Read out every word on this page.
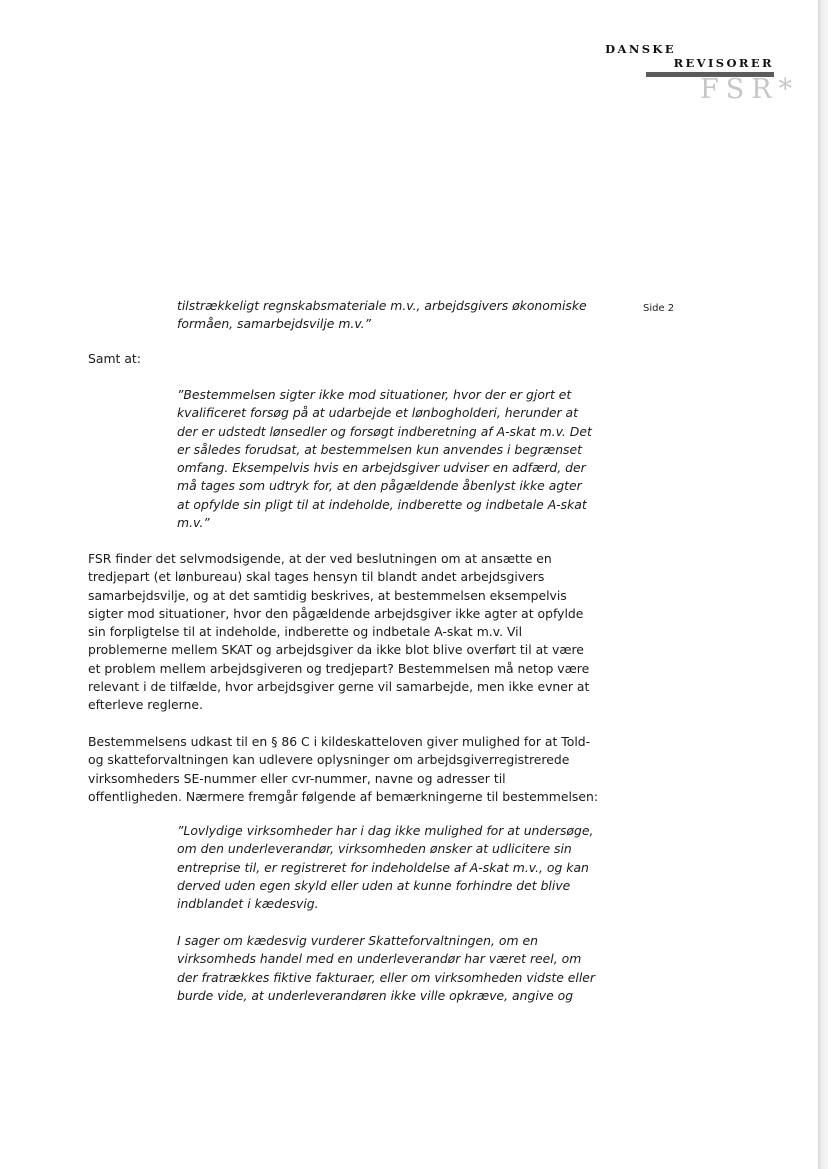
DANSKE
REVISORER
FSR*
Side 2

tilstrækkeligt regnskabsmateriale m.v., arbejdsgivers økonomiske
formåen, samarbejdsvilje m.v.”

Samt at:

”Bestemmelsen sigter ikke mod situationer, hvor der er gjort et
kvalificeret forsøg på at udarbejde et lønbogholderi, herunder at
der er udstedt lønsedler og forsøgt indberetning af A-skat m.v. Det
er således forudsat, at bestemmelsen kun anvendes i begrænset
omfang. Eksempelvis hvis en arbejdsgiver udviser en adfærd, der
må tages som udtryk for, at den pågældende åbenlyst ikke agter
at opfylde sin pligt til at indeholde, indberette og indbetale A-skat
m.v.”

FSR finder det selvmodsigende, at der ved beslutningen om at ansætte en
tredjepart (et lønbureau) skal tages hensyn til blandt andet arbejdsgivers
samarbejdsvilje, og at det samtidig beskrives, at bestemmelsen eksempelvis
sigter mod situationer, hvor den pågældende arbejdsgiver ikke agter at opfylde
sin forpligtelse til at indeholde, indberette og indbetale A-skat m.v. Vil
problemerne mellem SKAT og arbejdsgiver da ikke blot blive overført til at være
et problem mellem arbejdsgiveren og tredjepart? Bestemmelsen må netop være
relevant i de tilfælde, hvor arbejdsgiver gerne vil samarbejde, men ikke evner at
efterleve reglerne.

Bestemmelsens udkast til en § 86 C i kildeskatteloven giver mulighed for at Told-
og skatteforvaltningen kan udlevere oplysninger om arbejdsgiverregistrerede
virksomheders SE-nummer eller cvr-nummer, navne og adresser til
offentligheden. Nærmere fremgår følgende af bemærkningerne til bestemmelsen:

”Lovlydige virksomheder har i dag ikke mulighed for at undersøge,
om den underleverandør, virksomheden ønsker at udlicitere sin
entreprise til, er registreret for indeholdelse af A-skat m.v., og kan
derved uden egen skyld eller uden at kunne forhindre det blive
indblandet i kædesvig.

I sager om kædesvig vurderer Skatteforvaltningen, om en
virksomheds handel med en underleverandør har været reel, om
der fratrækkes fiktive fakturaer, eller om virksomheden vidste eller
burde vide, at underleverandøren ikke ville opkræve, angive og
